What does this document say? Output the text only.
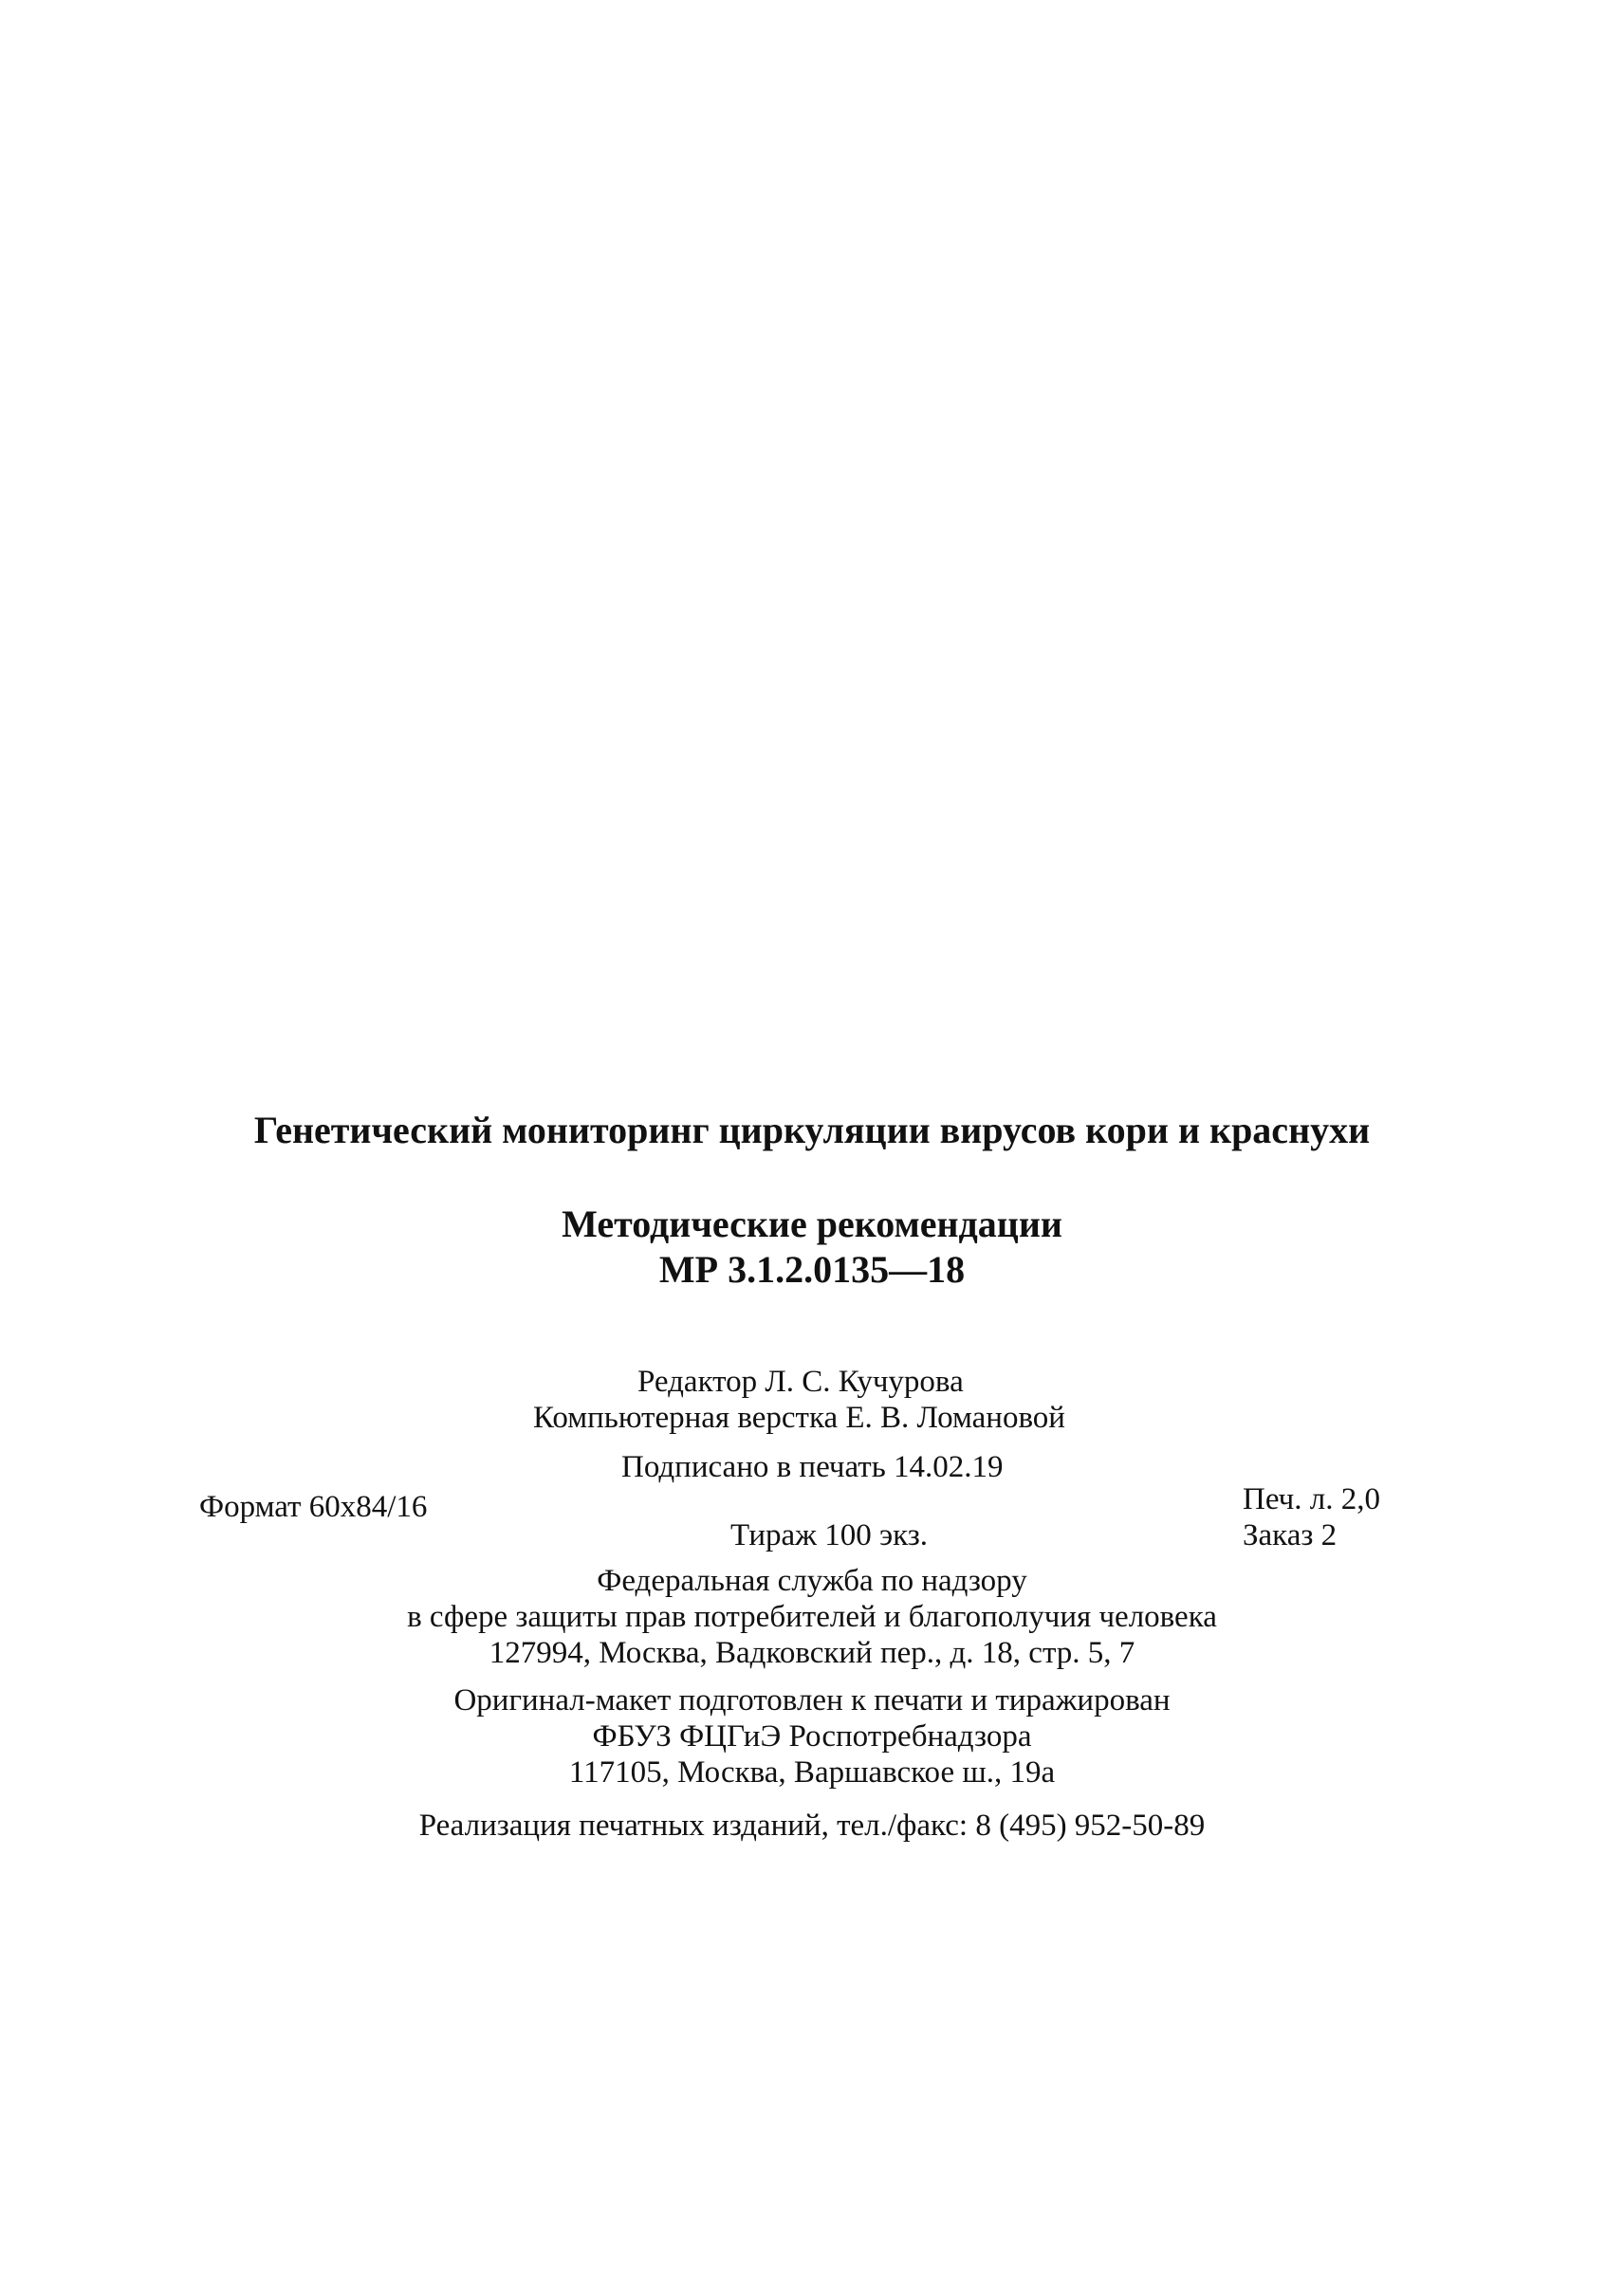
Генетический мониторинг циркуляции вирусов кори и краснухи
Методические рекомендации
МР 3.1.2.0135—18
Редактор Л. С. Кучурова
Компьютерная верстка Е. В. Ломановой
Подписано в печать 14.02.19
Формат 60x84/16	Печ. л. 2,0
Тираж 100 экз.	Заказ 2
Федеральная служба по надзору
в сфере защиты прав потребителей и благополучия человека
127994, Москва, Вадковский пер., д. 18, стр. 5, 7
Оригинал-макет подготовлен к печати и тиражирован
ФБУЗ ФЦГиЭ Роспотребнадзора
117105, Москва, Варшавское ш., 19а
Реализация печатных изданий, тел./факс: 8 (495) 952-50-89
